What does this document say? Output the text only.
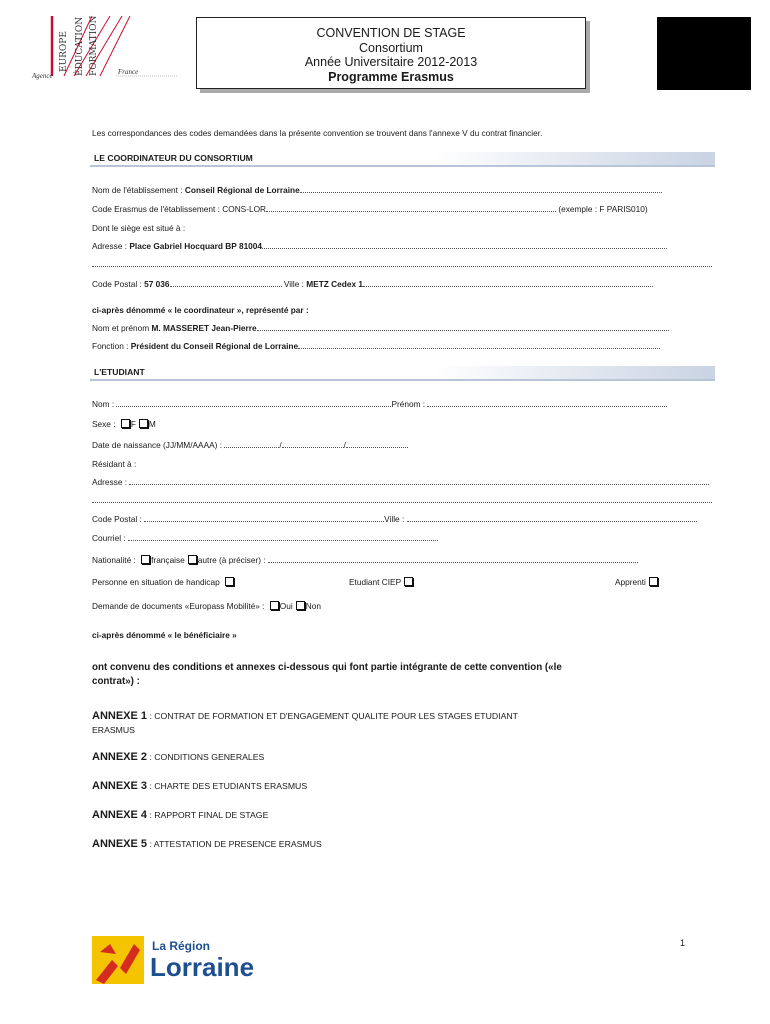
EUROPE ÉDUCATION FORMATION
Agence	France
CONVENTION DE STAGE
Consortium
Année Universitaire 2012-2013
Programme Erasmus
Les correspondances des codes demandées dans la présente convention se trouvent dans l'annexe V du contrat financier.
LE COORDINATEUR DU CONSORTIUM
Nom de l'établissement : Conseil Régional de Lorraine
Code Erasmus de l'établissement : CONS-LOR	(exemple : F PARIS010)
Dont le siège est situé à :
Adresse : Place Gabriel Hocquard BP 81004
Code Postal : 57 036	Ville : METZ Cedex 1
ci-après dénommé « le coordinateur », représenté par :
Nom et prénom M. MASSERET Jean-Pierre
Fonction : Président du Conseil Régional de Lorraine
L'ETUDIANT
Nom :	Prénom :
Sexe : F M
Date de naissance (JJ/MM/AAAA) :	/	/
Résidant à :
Adresse :
Code Postal :	Ville :
Courriel :
Nationalité : française autre (à préciser) :
Personne en situation de handicap	Etudiant CIEP	Apprenti
Demande de documents «Europass Mobilité» : Oui Non
ci-après dénommé « le bénéficiaire »
ont convenu des conditions et annexes ci-dessous qui font partie intégrante de cette convention («le
contrat») :
ANNEXE 1 : CONTRAT DE FORMATION ET D'ENGAGEMENT QUALITE POUR LES STAGES ETUDIANT
ERASMUS
ANNEXE 2 : CONDITIONS GENERALES
ANNEXE 3 : CHARTE DES ETUDIANTS ERASMUS
ANNEXE 4 : RAPPORT FINAL DE STAGE
ANNEXE 5 : ATTESTATION DE PRESENCE ERASMUS
1
La Région
Lorraine
